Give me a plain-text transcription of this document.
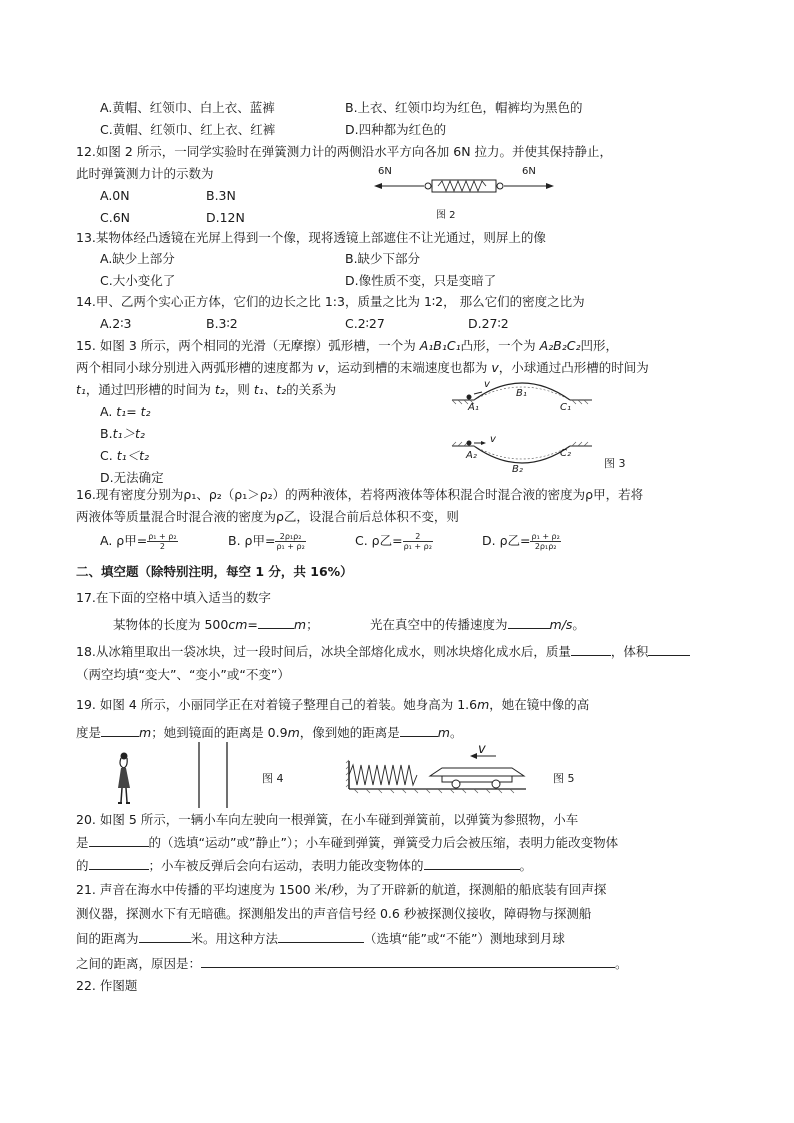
A.黄帽、红领巾、白上衣、蓝裤	B.上衣、红领巾均为红色，帽裤均为黑色的
C.黄帽、红领巾、红上衣、红裤	D.四种都为红色的
12.如图 2 所示，一同学实验时在弹簧测力计的两侧沿水平方向各加 6N 拉力。并使其保持静止，
此时弹簧测力计的示数为
A.0N	B.3N
C.6N	D.12N
6N	6N
图 2
13.某物体经凸透镜在光屏上得到一个像，现将透镜上部遮住不让光通过，则屏上的像
A.缺少上部分	B.缺少下部分
C.大小变化了	D.像性质不变，只是变暗了
14.甲、乙两个实心正方体，它们的边长之比 1:3，质量之比为 1∶2， 那么它们的密度之比为
A.2∶3	B.3∶2	C.2∶27	D.27∶2
15. 如图 3 所示，两个相同的光滑（无摩擦）弧形槽，一个为 A₁B₁C₁凸形，一个为 A₂B₂C₂凹形，
两个相同小球分别进入两弧形槽的速度都为 v，运动到槽的末端速度也都为 v，小球通过凸形槽的时间为
t₁，通过凹形槽的时间为 t₂，则 t₁、t₂的关系为
A. t₁= t₂
B.t₁＞t₂
C. t₁＜t₂
D.无法确定
v
A₁
B₁
C₁
v
A₂
B₂
C₂
图 3
16.现有密度分别为ρ₁、ρ₂（ρ₁＞ρ₂）的两种液体，若将两液体等体积混合时混合液的密度为ρ甲，若将
两液体等质量混合时混合液的密度为ρ乙，设混合前后总体积不变，则
A. ρ甲= $\frac{\text{ρ₁ + ρ₂}}{2}$	B. ρ甲= $\frac{\text{2ρ₁ρ₂}}{\text{ρ₁ + ρ₂}}$	C. ρ乙= $\frac{2}{\text{ρ₁ + ρ₂}}$	D. ρ乙= $\frac{\text{ρ₁ + ρ₂}}{\text{2ρ₁ρ₂}}$
二、填空题（除特别注明，每空 1 分，共 16%）
17.在下面的空格中填入适当的数字
某物体的长度为 500cm=	m；	光在真空中的传播速度为	m/s。
18.从冰箱里取出一袋冰块，过一段时间后，冰块全部熔化成水，则冰块熔化成水后，质量	，体积
（两空均填“变大”、“变小”或“不变”）
19. 如图 4 所示，小丽同学正在对着镜子整理自己的着装。她身高为 1.6m，她在镜中像的高
度是	m；她到镜面的距离是 0.9m，像到她的距离是	m。
图 4
v
图 5
20. 如图 5 所示，一辆小车向左驶向一根弹簧，在小车碰到弹簧前，以弹簧为参照物，小车
是	的（选填“运动”或”静止”）；小车碰到弹簧，弹簧受力后会被压缩，表明力能改变物体
的	；小车被反弹后会向右运动，表明力能改变物体的	。
21. 声音在海水中传播的平均速度为 1500 米/秒，为了开辟新的航道，探测船的船底装有回声探
测仪器，探测水下有无暗礁。探测船发出的声音信号经 0.6 秒被探测仪接收，障碍物与探测船
间的距离为	米。用这种方法	（选填“能”或“不能”）测地球到月球
之间的距离，原因是：	。
22. 作图题
